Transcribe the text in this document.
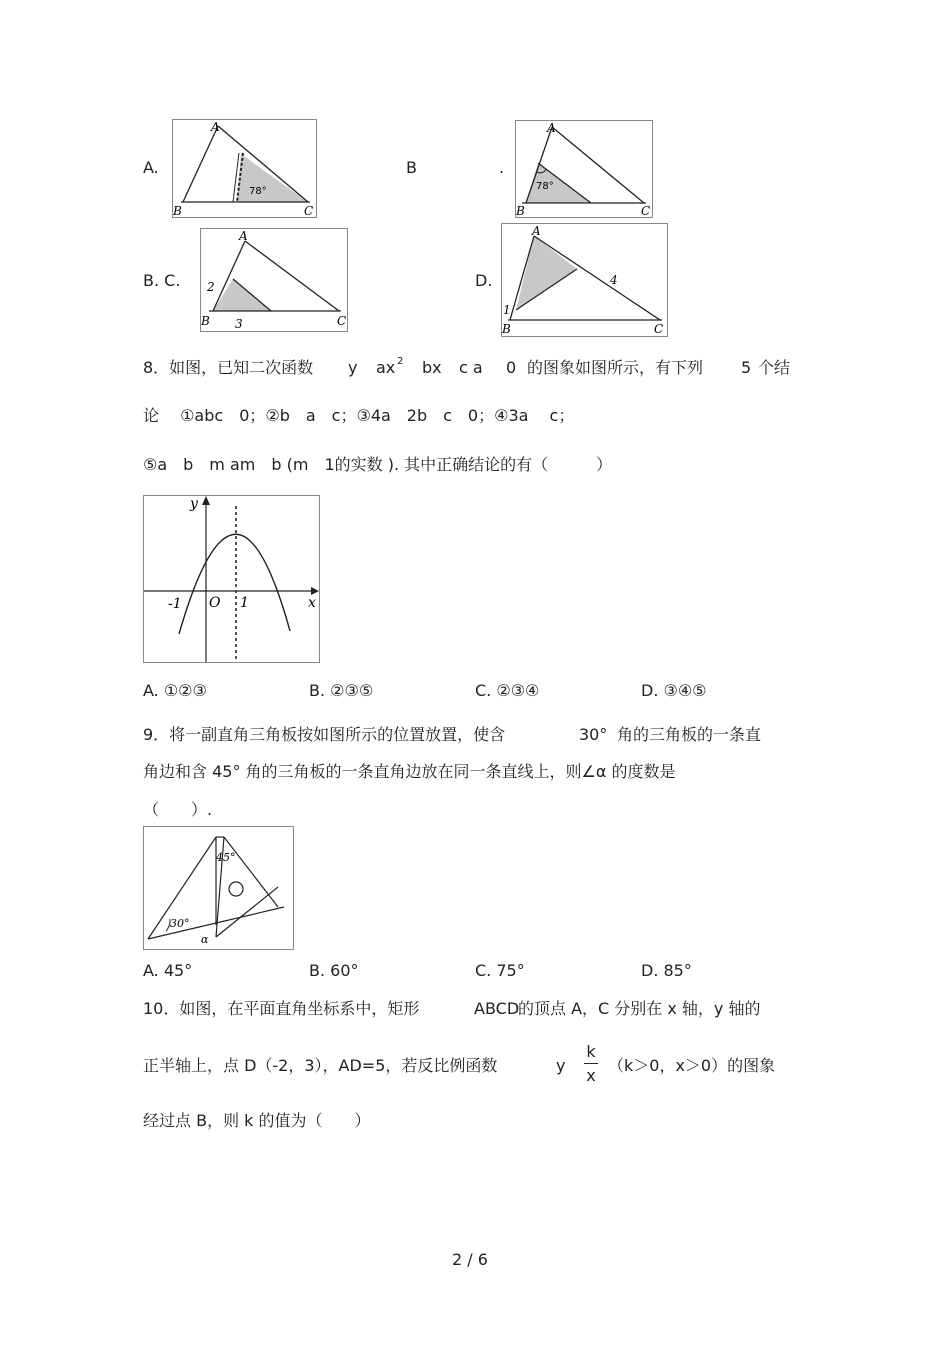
A.
A
B	C
78°
B	.
A
B	C
78°
B. C.
A
B	C
2
3
D.
A
B	C
1
4
8．如图，已知二次函数 y ax 2 bx c a 0 的图象如图所示，有下列 5 个结
论 　①abc　0；②b　a　c；③4a　2b　c　0；④3a　 c；
⑤a　b　m am　b (m　1的实数 ). 其中正确结论的有（　　　）
y
x
O
-1	1
A. ①②③	B. ②③⑤	C. ②③④	D. ③④⑤
9．将一副直角三角板按如图所示的位置放置，使含	30° 角的三角板的一条直
角边和含 45° 角的三角板的一条直角边放在同一条直线上，则∠α 的度数是
（　　）.
45°
30°
α
A. 45°	B. 60°	C. 75°	D. 85°
10．如图，在平面直角坐标系中，矩形	ABCD
的顶点 A，C 分别在 x 轴，y 轴的
正半轴上，点 D（-2，3），AD=5，若反比例函数	y
k
x
（k＞0，x＞0）的图象
经过点 B，则 k 的值为（　　）
2 / 6
